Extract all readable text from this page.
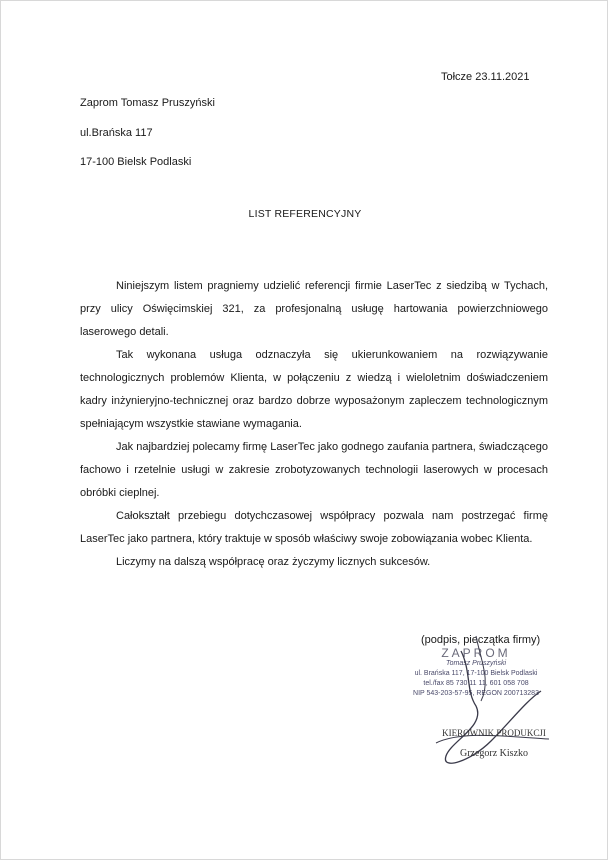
Tołcze 23.11.2021
Zaprom Tomasz Pruszyński
ul.Brańska 117
17-100 Bielsk Podlaski
LIST REFERENCYJNY

Niniejszym listem pragniemy udzielić referencji firmie LaserTec z siedzibą w Tychach, przy ulicy Oświęcimskiej 321, za profesjonalną usługę hartowania powierzchniowego laserowego detali.

Tak wykonana usługa odznaczyła się ukierunkowaniem na rozwiązywanie technologicznych problemów Klienta, w połączeniu z wiedzą i wieloletnim doświadczeniem kadry inżynieryjno-technicznej oraz bardzo dobrze wyposażonym zapleczem technologicznym spełniającym wszystkie stawiane wymagania.

Jak najbardziej polecamy firmę LaserTec jako godnego zaufania partnera, świadczącego fachowo i rzetelnie usługi w zakresie zrobotyzowanych technologii laserowych w procesach obróbki cieplnej.

Całokształt przebiegu dotychczasowej współpracy pozwala nam postrzegać firmę LaserTec jako partnera, który traktuje w sposób właściwy swoje zobowiązania wobec Klienta.

Liczymy na dalszą współpracę oraz życzymy licznych sukcesów.

(podpis, pieczątka firmy)
ZAPROM
Tomasz Pruszyński
ul. Brańska 117, 17-100 Bielsk Podlaski
tel./fax 85 730 11 11, 601 058 708
NIP 543-203-57-95, REGON 200713283
KIEROWNIK PRODUKCJI
Grzegorz Kiszko
